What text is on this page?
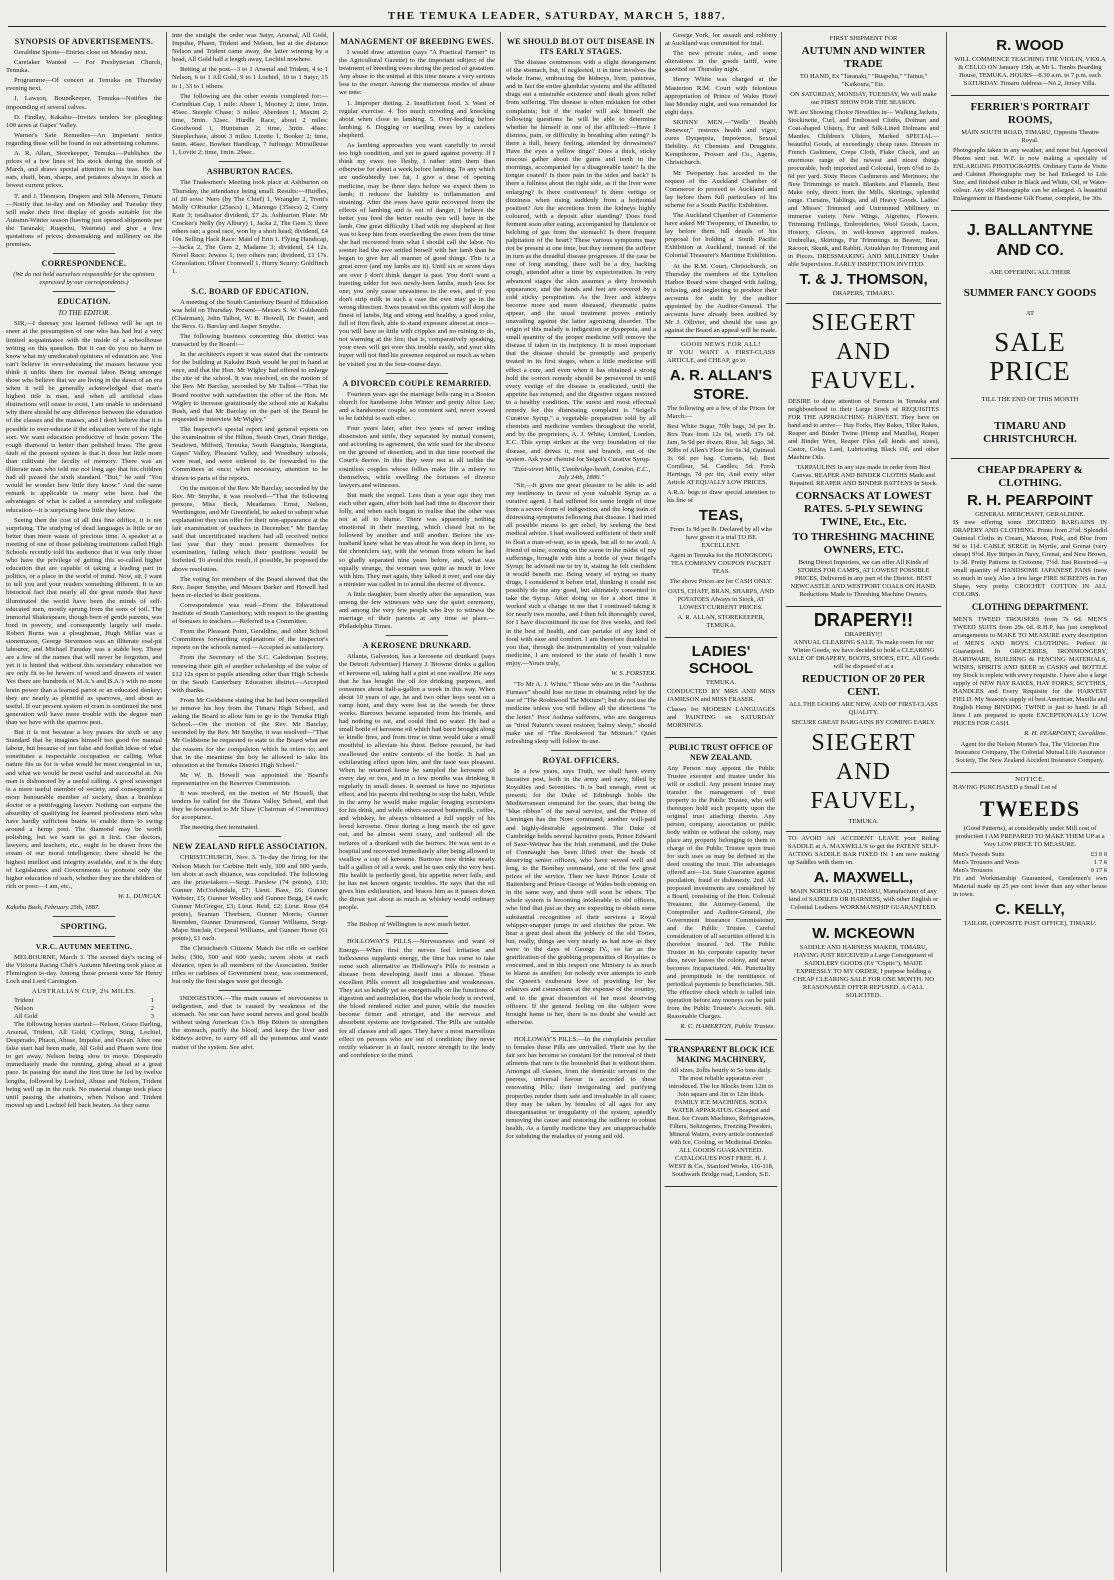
THE TEMUKA LEADER, SATURDAY, MARCH 5, 1887.
SYNOPSIS OF ADVERTISEMENTS.

Geraldine Sports—Entries close on Monday next.

Caretaker Wanted — For Presbyterian Church, Temuka.

Programme—Of concert at Temuka on Thursday evening next.

J. Lawson, Boundkeeper, Temuka—Notifies the impounding of several calves.

D. Findlay, Kakahu—Invites tenders for ploughing 100 acres at Gapes' Valley.

Warner's Safe Remedies—An important notice regarding these will be found in our advertising columns.

A. R. Allan, Storekeeper, Temuka.—Publishes the prices of a few lines of his stock during the month of March, and draws special attention to his teas. He has oats, chaff, bran, sharps, and potatoes always in stock at lowest current prices.

T. and J. Thomson, Drapers and Silk Mercers, Timaru—Notify that to-day and on Monday and Tuesday they will make their first display of goods suitable for the Autumn-Winter season (having just opened shipments per the Taranaki, Ruapehu, Waimea) and give a few quotations of prices; dressmaking and millinery on the premises.

CORRESPONDENCE.
(We do not hold ourselves responsible for the opinions expressed by our correspondents.)
EDUCATION.
TO THE EDITOR.

SIR,—I daresay you learned fellows will be apt to sneer at the presumption of one who has had but a very limited acquaintance with the inside of a schoolhouse writing on this question. But it can do you no harm to know what my uneducated opinions of education are. You can't believe in over-educating the masses because you think it unfits them for manual labor. Being amongst those who believe that we are living in the dawn of an era when it will be generally acknowledged that man's highest title is man, and when all artificial class distinctions will cease to exist, I am unable to understand why there should be any difference between the education of the classes and the masses, and I don't believe that it is possible to over-educate if the education were of the right sort. We want education productive of brain power. The rough diamond is better than polished brass. The great fault of the present system is that it does but little more than cultivate the faculty of memory. There was an illiterate man who told me not long ago that his children had all passed the sixth standard. "But," he said "You would be wonder how little they know." And the same remark is applicable to many who have had the advantages of what is called a secondary and collegiate education—it is surprising how little they know.

Seeing then the cost of all this fine edifice, it is not surprising. The studying of dead languages is little or no better than mere waste of precious time. A speaker at a meeting of one of those polishing institutions called High Schools recently told his audience that it was only those who have the privilege of getting this so-called higher education that are capable of taking a leading part in politics, or a place in the world of mind. Now, sir, I want to tell you and your readers something different. It is an historical fact that nearly all the great minds that have illuminated the world have been the minds of self-educated men, mostly sprung from the sons of toil. The immortal Shakespeare, though born of gentle parents, was bred in poverty, and consequently largely self made. Robert Burns was a ploughman, Hugh Millar was a stonemason, George Stevenson was an illiterate coal-pit labourer, and Michael Faraday was a stable boy. These are a few of the names that will never be forgotten, and yet it is hinted that without this secondary education we are only fit to be hewers of wood and drawers of water. Yes there are hundreds of M.A.'s and B.A.'s with no more brain power than a learned parrot or an educated donkey; they are nearly as plentiful as sparrows, and about as useful. If our present system of cram is continued the next generation will have more trouble with the degree man than we have with the sparrow pest.

But it is not because a boy passes the sixth or any Standard that he imagines himself too good for manual labour, but because of our false and foolish ideas of what constitutes a respectable occupation or calling. What nature fits us for is what would be most congenial to us, and what we would be most useful and successful at. No man is dishonored by a useful calling. A good scavenger is a more useful member of society, and consequently a more honourable member of society, than a brainless doctor or a pettifogging lawyer. Nothing can surpass the absurdity of qualifying for learned professions men who have hardly sufficient brains to enable them to swing around a hemp post. The diamond may be worth polishing, but we want to get it first. Our doctors, lawyers, and teachers, etc., ought to be drawn from the cream of our moral intelligence; there should be the highest intellect and integrity available, and it is the duty of Legislatures and Governments to promote only the higher education of such, whether they are the children of rich or poor.—I am, etc.,

W. L. DUNCAN.
Kakahu Bush, February 25th, 1887.
SPORTING.
V.R.C. AUTUMN MEETING.

MELBOURNE, March 3. The second day's racing of the Victoria Racing Club's Autumn Meeting took place at Flemington to-day. Among those present were Sir Henry Loch and Lord Carrington.

AUSTRALIAN CUP, 2¼ MILES.
Trident	1
Nelson	2
All Gold	3

The following horses started:—Nelson, Grace Darling, Arsenal, Trident, All Gold, Cyclops, Sting, Lochiel, Desperado, Phaon, Abuse, Impulse, and Ocean. After one false start had been made, All Gold and Phaon were first to get away, Nelson being slow to move. Desperado immediately made the running, going ahead at a great pace. In passing the stand the first time he led by twelve lengths, followed by Lochiel, Abuse and Nelson, Trident being well up in the ruck. No material change took place until passing the abattoirs, when Nelson and Trident moved up and Lochiel fell back beaten. As they came

into the straight the order was Satyr, Arsenal, All Gold, Impulse, Phaon, Trident and Nelson, but at the distance Nelson and Trident came away, the latter winning by a head, All Gold half a length away, Lochiel nowhere.

Betting at the post—3 to 1 Arsenal and Trident, 4 to 1 Nelson, 6 to 1 All Gold, 9 to 1 Lochiel, 10 to 1 Satyr, 15 to 1, 33 to 1 others.

The following are the other events completed for:—Corinthian Cup, 1 mile: Abeer 1, Mooney 2; time, 1min. 45sec. Steeple Chase: 3 miles: Aberdeen 1, Maxim 2; time, 5min. 32sec. Hurdle Race, about 2 miles: Goodwood 1, Huntsman 2; time, 3min. 46sec. Steeplechase, about 3 miles: Lizette 1, Booker 2; time, 6min. 46sec. Bowker Handicap, 7 furlongs: Mitrailleuse 1, Lovite 2; time, 1min. 29sec.

ASHBURTON RACES.

The Tradesmen's Meeting took place at Ashburton on Thursday, the attendance being small. Results:—Hurdles, of 20 sovs: Nero (by The Chief) 1, Wrangler 2, Trent's Molly O'Rourke (25secs) 1, Marengo (35secs) 2, Corry Kate 3; totalisator dividend, £7 2s. Ashburton Plate: Mr Crocker's Nelly (by Albury) 1, Jacka 2, The Gem 3; three others ran; a good race, won by a short head; dividend, £4 10s. Selling Hack Race: Maid of Erin 1. Flying Handicap,—Jacka 2, The Gem 2, Madame 3; dividend, £4 12s. Novel Race: Jewess 1; two others ran; dividend, £1 17s. Consolation: Oliver Cromwell 1. Hurry Scurry: Goldfinch 1.

S.C. BOARD OF EDUCATION.

A meeting of the South Canterbury Board of Education was held on Thursday. Present—Messrs S. W. Goldsmith (Chairman), John Talbot, W. B. Howell, Dr Foster, and the Revs. G. Barclay and Jasper Smythe.

The following business concerning this district was transacted by the Board:—

In the architect's report it was stated that the contracts for the building at Kakahu Bush would be put in hand at once, and that the Hon. Mr Wigley had offered to enlarge the site of the school. It was resolved, on the motion of the Rev. Mr Barclay, seconded by Mr Talbot—"That the Board receive with satisfaction the offer of the Hon. Mr Wigley to increase gratuitously the school site at Kakahu Bush, and that Mr Barclay on the part of the Board be requested to interview Mr Wigley."

The Inspector's special report and general reports on the examination of the Hilton, South Orari, Orari Bridge, Seadown, Milford, Temuka, South Rangitata, Rangitata, Gapes' Valley, Pleasant Valley, and Woodbury schools, were read, and were ordered to be forwarded to the Committees at once; when necessary, attention to be drawn to parts of the reports.

On the motion of the Rev. Mr Barclay, seconded by the Rev. Mr Smythe, it was resolved—"That the following persons, Miss Beck, Meadames Ernst, Nelson, Worthington, and Mr Greenfield, be asked to submit what explanation they can offer for their non-appearance at the late examination of teachers in December." Mr Barclay said that uncertificated teachers had all received notice last year that they must present themselves for examination, failing which their positions would be forfeited. To avoid this result, if possible, he proposed the above resolution.

The voting for members of the Board showed that the Rev. Jasper Smythe, and Messrs Barker and Howell had been re-elected to their positions.

Correspondence was read—From the Educational Institute of South Canterbury, with respect to the granting of bonuses to teachers.—Referred to a Committee.

From the Pleasant Point, Geraldine, and other School Committees forwarding explanations of the Inspector's reports on the schools named.—Accepted as satisfactory.

From the Secretary of the S.C. Caledonian Society, renewing their gift of another scholarship of the value of £12 12s open to pupils attending other than High Schools in the South Canterbury Education district.—Accepted with thanks.

From Mr Goldstone stating that he had been compelled to remove his boy from the Timaru High School, and asking the Board to allow him to go to the Temuka High School.—On the motion of the Rev. Mr Barclay, seconded by the Rev. Mr Smythe, it was resolved—"That Mr Goldstone be requested to state to the Board what are the reasons for the compulsion which he refers to; and that in the meantime the boy be allowed to take his education at the Temuka District High School."

Mr W. B. Howell was appointed the Board's representative on the Reserves Commission.

It was resolved, on the motion of Mr Howell, that tenders be called for the Totara Valley School, and that they be forwarded to Mr Shaw (Chairman of Committee) for acceptance.

The meeting then terminated.

NEW ZEALAND RIFLE ASSOCIATION.

CHRISTCHURCH, Nov. 3. To-day the firing for the Nelson Match for Carbine Belt only, 300 and 500 yards, ten shots at each distance, was concluded. The following are the prize-takers:—Sergt. Parslow (74 points), £10; Gunner McCorkindale, £7; Lieut. Bass, £6; Gunner Webster, £5; Gunner Woolley and Gunner Begg, £4 each; Gunner McGregor, £3; Lieut. Reid, £2; Lieut. Ross (64 points), Seaman Thorburn, Gunner Morris, Gunner Bremden, Gunner Drummond, Gunner Williams, Sergt-Major Sinclair, Corporal Williams, and Gunner Howe (61 points), £1 each.

The Christchurch Citizens' Match for rifle or carbine belts; (300, 500 and 600 yards; seven shots at each distance, open to all members of the Association. Snider rifles or carbines of Government issue, was commenced, but only the first stages were got through.

INDIGESTION.—The main causes of nervousness is indigestion, and that is caused by weakness of the stomach. No one can have sound nerves and good health without using American Co.'s Hop Bitters to strengthen the stomach, purify the blood, and keep the liver and kidneys active, to carry off all the poisonous and waste matter of the system. See advt.

MANAGEMENT OF BREEDING EWES.

I would draw attention (says "A Practical Farmer" in the Agricultural Gazette) to the important subject of the treatment of breeding ewes during the period of gestation. Any abuse to the animal at this time means a very serious loss to the owner. Among the numerous modes of abuse we note:

1. Improper dieting. 2. Insufficient food. 3. Want of regular exercise. 4. Too much crowding and knocking about when close to lambing. 5. Over-feeding before lambing. 6. Dogging or startling ewes by a careless shepherd.

As lambing approaches you want carefully to avoid too high condition, and yet to guard against poverty. If I think my ewes too fleshy, I rather stint them than otherwise for about a week before lambing. To any which are undoubtedly too fat, I give a dose of opening medicine, may be three days before we expect them to lamb; it reduces the liability to inflammation and straining. After the ewes have quite recovered from the effects of lambing and is out of danger, I believe the better you feed the better results you will have in the lamb. One great difficulty I had with my shepherd at first was to keep him from overfeeding the ewes from the time she had recovered from what I should call the labor. No sooner had the ewe settled herself with her lamb than he began to give her all manner of good things. This is a great error (and my lambs are it). Until six or seven days are over I don't think danger is past. You don't want a bursting udder for two newly-born lambs, much less for one; you only cause uneasiness to the ewe, and if you don't strip milk in such a case the ewe may go in the wrong direction. Ewes treated on this system will drop the finest of lambs, big and strong and healthy, a good color, full of firm flesh, able to stand exposure almost at once—you will have so little with cripples and no ruining to do, not warming at the fire; that is, comparatively speaking, your ewes will get over this trouble easily, and your skin buyer will not find his presence required so much as when he visited you in the four-course days.

A DIVORCED COUPLE REMARRIED.

Fourteen years ago the marriage bells rang in a Boston church for handsome John Winter and pretty Alice Lee; and a handsomer couple, so comment said, never vowed to be faithful to each other.

Four years later, after two years of never ending dissension and strife, they separated by mutual consent, and according to agreement, the wife sued for the divorce on the ground of desertion, and in due time received the Court's decree. In this they were not at all unlike the countless couples whose follies make life a misery to themselves, while swelling the fortunes of divorce lawyers and witnesses.

But mark the sequel. Less than a year ago they met each other again, after both had had time to discover their folly, and when each began to realise that the other was not at all to blame. There was apparently nothing emotional in their meeting, which closed but to be followed by another and still another. Before the ex-husband knew what he was about he was deep in love, so the chroniclers say, with the woman from whom he had so gladly separated nine years before, and, what was equally strange, the woman was quite as much in love with him. They met again, they talked it over, and one day a minister was called in to annul the decree of divorce.

A little daughter, born shortly after the separation, was among the few witnesses who saw the quiet ceremony, and among the very few people who live to witness the marriage of their parents at any time or place.—Philadelphia Times.

A KEROSENE DRUNKARD.

Atlanta, Galveston, has a kerosene oil drunkard (says the Detroit Advertiser) Harvey J. Browne drinks a gallon of kerosene oil, taking half a pint at one swallow. He says that he has bought the oil for drinking purposes, and consumes about half-a-gallon a week in this way. When about 10 years of age, he and two other boys went on a camp hunt, and they were lost in the woods for three weeks. Burrows became separated from his friends, and had nothing to eat, and could find no water. He had a small bottle of kerosene oil which had been brought along to kindle fires, and from time to time would take a small mouthful to alleviate his thirst. Before rescued, he had swallowed the entire contents of the bottle. It had an exhilarating effect upon him, and the taste was pleasant. When he returned home he sampled the kerosene oil every day or two, and in a few months was drinking it regularly in small doses. It seemed to have no injurious effect, and his parents did nothing to stop the habit. While in the army he would make regular foraging excursions for his drink, and while others secured buttermilk, coffee, and whiskey, he always obtained a full supply of his loved kerosene. Once during a long march the oil gave out, and he almost went crazy, and suffered all the tortures of a drunkard with the horrors. He was sent to a hospital and recovered immediately after being allowed to swallow a cup of kerosene. Burrows now drinks nearly half a gallon of oil a week, and he uses only the very best. His health is perfectly good, his appetite never fails, and he has not known organic troubles. He says that the oil gives him exhilaration, and braces him as it passes down the throat just about as much as whiskey would ordinary people.

The Bishop of Wellington is now much better.

HOLLOWAY'S PILLS.—Nervousness and want of Energy.—When first the nerves feel irritation and listlessness supplants energy, the time has come to take some such alternative as Holloway's Pills to restrain a disease from developing itself into a disease. These excellent Pills correct all irregularities and weaknesses. They act so kindly yet so energetically on the functions of digestion and assimilation, that the whole body is revived, the blood rendered richer and purer, while the muscles become firmer and stronger, and the nervous and absorbent systems are invigorated. The Pills are suitable for all classes and all ages. They have a most marvellous effect on persons who are out of condition; they never rectify whatever is at fault, restore strength to the body and confidence to the mind.

WE SHOULD BLOT OUT DISEASE IN ITS EARLY STAGES.

The disease commences with a slight derangement of the stomach, but, if neglected, it in time involves the whole frame, embracing the kidneys, liver, pancreas, and in fact the entire glandular system; and the afflicted drags out a miserable existence until death gives relief from suffering. The disease is often mistaken for other complaints; but if the reader will ask himself the following questions he will be able to determine whether he himself is one of the afflicted:—Have I distress, pain, or difficulty in breathing after eating? Is there a dull, heavy feeling, attended by drowsiness? Have the eyes a yellow tinge? Does a thick, sticky mucous gather about the gums and teeth in the mornings, accompanied by a disagreeable taste? Is the tongue coated? Is there pain in the sides and back? Is there a fullness about the right side, as if the liver were enlarging? Is there costiveness? Is there vertigo or dizziness when rising suddenly from a horizontal position? Are the secretions from the kidneys highly coloured, with a deposit after standing? Does food ferment soon after eating, accompanied by flatulence or belching of gas from the stomach? Is there frequent palpitation of the heart? These various symptoms may not be present at one time, but they torment the sufferer in turn as the dreadful disease progresses. If the case be one of long standing, there will be a dry, hacking cough, attended after a time by expectoration. In very advanced stages the skin assumes a dirty brownish appearance, and the hands and feet are covered by a cold sticky perspiration. As the liver and kidneys become more and more diseased, rheumatic pains appear, and the usual treatment proves entirely unavailing against the latter agonising disorder. The origin of this malady is indigestion or dyspepsia, and a small quantity of the proper medicine will remove the disease if taken in its incipiency. It is most important that the disease should be promptly and properly treated in its first stages, when a little medicine will effect a cure, and even when it has obtained a strong hold the correct remedy should be persevered in until every vestige of the disease is eradicated, until the appetite has returned, and the digestive organs restored to a healthy condition. The surest and most effectual remedy for this distressing complaint is "Seigel's Curative Syrup," a vegetable preparation sold by all chemists and medicine vendors throughout the world, and by the proprietors, A. J. White, Limited, London, E.C. This syrup strikes at the very foundation of the disease, and drives it, root and branch, out of the system. Ask your chemist for Seigel's Curative Syrup.

"East-street Mills, Cambridge-heath, London, E.C., July 24th, 1886."

"Sir,—It gives me great pleasure to be able to add my testimony in favor of your valuable Syrup as a curative agent. I had suffered for some length of time from a severe form of indigestion, and the long train of distressing symptoms following that disease. I had tried all possible means to get relief, by seeking the best medical advice. I had swallowed sufficient of their stuff to float a man-of-war, so to speak, but all to no avail. A friend of mine, coming on the scene in the midst of my sufferings, brought with him a bottle of your Seigel's Syrup; he advised me to try it, stating he felt confident it would benefit me. Being weary of trying so many drugs, I considered it before trial, thinking it could not possibly do me any good, but ultimately consented to take the Syrup. After doing so for a short time it worked such a change in me that I continued taking it for nearly two months, and I then felt thoroughly cured, for I have discontinued its use for five weeks, and feel in the best of health, and can partake of any kind of food with ease and comfort. I am therefore thankful to you that, through the instrumentality of your valuable medicine, I am restored to the state of health I now enjoy.—Yours truly,

W. S. FORSTER.

"To Mr A. J. White." Those who are in the "Asthma Furnace" should lose no time in obtaining relief by the use of "The Rookwood Tar Mixture"; but do not use the medicine unless you will follow all the directions "to the letter." Poor Asthma sufferers, who are dangerous as "tired Nature's sweet restorer, balmy sleep," should make use of "The Rookwood Tar Mixture." Quiet refreshing sleep will follow its use.

ROYAL OFFICERS.

In a few years, says Truth, we shall have every lucrative post, both in the army and navy, filled by Royalties and Serenities. It is bad enough, even at present; for the Duke of Edinburgh holds the Mediterranean command for the years, that being the "blue ribbon" of the naval service, and the Prince of Lieningen has the Nore command, another well-paid and highly-desirable appointment. The Duke of Cambridge holds several lucrative posts, Prince Edward of Saxe-Weimar has the Irish command, and the Duke of Connaught has been lifted over the heads of deserving senior officers, who have served well and long, to the Bombay command, one of the few great prizes of the service. Then we have Prince Louis of Battenberg and Prince George of Wales both coming on in the same way, and there will soon be others. The whole system is becoming intolerable to old officers, who find that just as they are expecting to obtain some substantial recognition of their services a Royal whipper-snapper jumps in and clutches the prize. We hear a great deal about the jobbery of the old Tories, but, really, things are very nearly as bad now as they were in the days of George IV., so far as the gratification of the grabbing propensities of Royalties is concerned, and in this respect one Ministry is as much to blame as another; for nobody ever attempts to curb the Queen's exuberant love of providing for her relatives and connexions at the expense of the country, and to the great discomfort of her most deserving officers. If the general feeling on the subject were brought home to her, there is no doubt she would act otherwise.

HOLLOWAY'S PILLS.—In the complaints peculiar to females these Pills are unrivalled. Their use by the fair sex has become so constant for the removal of their ailments that rare is the household that is without them. Amongst all classes, from the domestic servant to the peeress, universal favour is accorded to these renovating Pills; their invigorating and purifying properties render them safe and invaluable in all cases; they may be taken by females of all ages for any disorganisation or irregularity of the system, speedily removing the cause and restoring the sufferer to robust health. As a family medicine they are unapproachable for subduing the maladies of young and old.

George York, for assault and robbery at Auckland was committed for trial.

The new private rules, and some alterations in the goods tariff, were gazetted on Thursday night.

Henry White was charged at the Masterton R.M. Court with felonious appropriation of Prince of Wales Hotel last Monday night, and was remanded for eight days.

SKINNY MEN.—"Wells' Health Renewer," restores health and vigor, cures Dyspepsia, Impotence, Sexual Debility. At Chemists and Druggists. Kempthorne, Prosser and Co., Agents, Christchurch.

Mr Twopenny has acceded to the request of the Auckland Chamber of Commerce to proceed to Auckland and lay before them full particulars of his scheme for a South Pacific Exhibition.

The Auckland Chamber of Commerce have asked Mr Twopenny, of Dunedin, to lay before them full details of his proposal for holding a South Pacific Exhibition at Auckland, instead of the Colonial Treasurer's Maritime Exhibition.

At the R.M. Court, Christchurch, on Thursday the members of the Lyttelton Harbor Board were charged with failing, refusing, and neglecting to produce their accounts for audit by the auditor appointed by the Auditor-General. The accounts have already been audited by Mr J. Ollivier, and should the case go against the Board an appeal will be made.

GOOD NEWS FOR ALL!

IF YOU WANT A FIRST-CLASS ARTICLE, and CHEAP, go to

A. R. ALLAN'S
STORE.

The following are a few of the Prices for March:—

Best White Sugar, 70lb bags, 3d per lb. Box Teas from 12s 6d, worth 17s 6d. Jam, 5s 9d per dozen; Rice, 3d; Sago, 3d. 50lbs of Allen's Flour for 6s 3d, Oatmeal 3s 6d per bag. Currants, 6d; Best Cornflour, 5d. Candles, 5d; Fresh Herrings, 7d per tin, And every other Article AT EQUALLY LOW PRICES.

A.R.A. begs to draw special attention to his line of

TEAS,

From 1s 9d per lb. Declared by all who have given it a trial TO BE EXCELLENT.

Agent in Temuka for the HONGKONG TEA COMPANY COUPON PACKET TEAS.

The above Prices are for CASH ONLY.

OATS, CHAFF, BRAN, SHARPS, AND POTATOES Always in Stock, AT LOWEST CURRENT PRICES.

A. R. ALLAN, STOREKEEPER, TEMUKA.

LADIES' SCHOOL
TEMUKA.

CONDUCTED BY MRS AND MISS JAMIESON and MISS FRASER.

Classes for MODERN LANGUAGES and PAINTING on SATURDAY MORNINGS.

PUBLIC TRUST OFFICE OF NEW ZEALAND.

Any Person may appoint the Public Trustee executor and trustee under his will or codicil. Any present trustee may transfer the management of trust property to the Public Trustee, who will thereupon hold such property upon the original trust attaching thereto. Any person, company, association or public body within or without the colony, may place any property belonging to them in charge of the Public Trustee upon trust for such uses as may be defined in the deed creating the trust. The advantages offered are—1st. State Guarantee against peculation, fraud or dishonesty. 2nd. All proposed investments are considered by a Board, consisting of the Hon. Colonial Treasurer, the Attorney-General, the Comptroller and Auditor-General, the Government Insurance Commissioner, and the Public Trustee. Careful consideration of all securities offered it is therefore insured. 3rd. The Public Trustee in his corporate capacity never dies, never leaves the colony, and never becomes incapacitated. 4th. Punctuality and promptitude in the remittance of periodical payments to beneficiaries. 5th. The effective check which is called into operation before any moneys can be paid from the Public Trustee's Account. 6th. Reasonable Charges.

R. C. HAMERTON, Public Trustee.
TRANSPARENT BLOCK ICE MAKING MACHINERY,

All sizes, 2olbs hourly to 5o tons daily. The most reliable apparatus ever introduced. The Ice Blocks from 12in to 3oin square and 3in to 12in thick. FAMILY ICE MACHINES. SODA WATER APPARATUS. Cheapest and Best. Ice Cream Machines, Refrigerators, Filters, Seltzogenes, Freezing Powders, Mineral Waters, every article connected with Ice, Cooling, or Medicinal Drinks. ALL GOODS GUARANTEED. CATALOGUES POST FREE. H. J. WEST & Co., Stanford Works, 116-118, Southwark Bridge road, London, S.E.

FIRST SHIPMENT FOR
AUTUMN AND WINTER TRADE

TO HAND, Ex "Taranaki," "Ruapehu," "Tainui," "Kaikoura," Etc.

ON SATURDAY, MONDAY, TUESDAY, We will make our FIRST SHOW FOR THE SEASON.

WE are Showing Choice Novelties in— Walking Jackets, Stockinette, Curl, and Embossed Cloths, Dolman and Coat-shaped Ulsters, Fur and Silk-Lined Dolmans and Mantles. Children's Ulsters, Marked SPECIAL—beautiful Goods, at exceedingly cheap rates. Dresses in French Cashmere, Crepe Cloth, Flake Check, and an enormous range of the newest and nicest things procurable, both imported and Colonial, from 6½d to 2s 6d per yard. Sixty Pieces Cashmeres and Merinoes; the New Trimmings to match. Blankets and Flannels, Best Make only, direct from the Mills. Skirtings, splendid range. Curtains, Tablings, and all Heavy Goods. Ladies' and Misses' Trimmed and Untrimmed Millinery in immense variety. New Wings, Aigrettes, Flowers. Trimming Frillings, Embroideries, Wool Goods, Laces, Hosiery, Gloves, in well-known approved makes. Umbrellas, Skirtings, Fur Trimmings in Beaver, Bear, Racoon, Skunk, and Rabbit. Astrakhan for Trimming and in Pieces. DRESSMAKING AND MILLINERY Under able Supervision. EARLY INSPECTION INVITED.

T. & J. THOMSON,
DRAPERS, TIMARU.
SIEGERT AND FAUVEL.

DESIRE to draw attention of Farmers in Temuka and neighbourhood to their Large Stock of REQUISITES FOR THE APPROACHING HARVEST. They have on hand and to arrive— Hay Forks, Hay Rakes, Tiller Rakes, Reaper and Binder Twine (Hemp and Manilla), Reaper and Binder Wire, Reaper Files (all kinds and sizes), Castor, Colza, Lard, Lubricating Black Oil, and other Machine Oils.

TARPAULINS In any size made to order from Best Canvas. REAPER AND BINDER CLOTHS Made and Repaired. REAPER AND BINDER BATTENS In Stock.

CORNSACKS AT LOWEST RATES. 5-PLY SEWING TWINE, Etc., Etc.
TO THRESHING MACHINE OWNERS, ETC.

Being Direct Importers, we can offer All Kinds of STORES FOR CAMPS, AT LOWEST POSSIBLE PRICES, Delivered in any part of the District. BEST NEWCASTLE AND WESTPORT COALS ON HAND. Reductions Made to Threshing Machine Owners.

DRAPERY!!
DRAPERY!!!

ANNUAL CLEARING SALE. To make room for our Winter Goods, we have decided to hold a CLEARING SALE OF DRAPERY, BOOTS, SHOES, ETC. All Goods will be disposed of at a

REDUCTION OF 20 PER CENT.

ALL THE GOODS ARE NEW, AND OF FIRST-CLASS QUALITY.

SECURE GREAT BARGAINS BY COMING EARLY.

SIEGERT AND FAUVEL,
TEMUKA.

TO AVOID AN ACCIDENT LEAVE your Riding SADDLE at A. MAXWELL'S to get the PATENT SELF-ACTING SADDLE BAR FIXED IN. I am now making up Saddles with them on.

A. MAXWELL,

MAIN NORTH ROAD, TIMARU, Manufacturer of any kind of SADDLES OR HARNESS, with other English or Colonial Leathers. WORKMANSHIP GUARANTEED.

W. MCKEOWN

SADDLE AND HARNESS MAKER, TIMARU, HAVING JUST RECEIVED a Large Consignment of SADDLERY GOODS (Ex "Coptic"), MADE EXPRESSLY TO MY ORDER, I purpose holding a CHEAP CLEARING SALE FOR ONE MONTH. NO REASONABLE OFFER REFUSED. A CALL SOLICITED.

R. WOOD

WILL COMMENCE TEACHING THE VIOLIN, VIOLA & CELLO ON January 15th, at Mr L. Tombs Boarding House, TEMUKA. HOURS—8.30 a.m. to 7 p.m. each SATURDAY. Timaru Address—No 2, Jersey Villa.

FERRIER'S PORTRAIT ROOMS,

MAIN SOUTH ROAD, TIMARU, Opposite Theatre Royal.

Photographs taken in any weather, and none but Approved Photos sent out. W.F. is now making a specialty of ENLARGING PHOTOGRAPHS. Ordinary Carte de Visite and Cabinet Photographs may be had Enlarged to Life Size, and finished either in Black and White, Oil, or Water-colour. Any old Photographs can be enlarged. A beautiful Enlargement in Handsome Gilt Frame, complete, for 30s.

J. BALLANTYNE AND CO.

ARE OFFERING ALL THEIR

SUMMER FANCY GOODS
AT
SALE PRICE
TILL THE END OF THIS MONTH
TIMARU AND CHRISTCHURCH.
CHEAP DRAPERY & CLOTHING.
R. H. PEARPOINT
GENERAL MERCHANT, GERALDINE.

IS now offering some DECIDED BARGAINS IN DRAPERY AND CLOTHING. Prints from 2½d. Splendid Oatmeal Cloths in Cream, Maroon, Pink, and Blue from 9d to 11d. CABLE SERGE in Myrtle, and Grenat (very cheap) 9½d. Rye Stripes in Navy, Grenat, and New Brown, 1s 3d. Pretty Patterns in Cretonne, 7½d. Just Received—a small quantity of HANDSOME JAPANESE FANS (now so much in use); Also a few large FIRE SCREENS in Fan Shape, very pretty. CROCHET COTTON IN ALL COLORS.

CLOTHING DEPARTMENT.

MEN'S TWEED TROUSERS from 7s 6d. MEN'S TWEED SUITS from 29s 6d. R.H.P. has just completed arrangements to MAKE TO MEASURE every description of MEN'S AND BOYS CLOTHING. Perfect fit Guaranteed. In GROCERIES, IRONMONGERY, HARDWARE, BUILDING & FENCING MATERIALS, WINES, SPIRITS AND BEER in CASKS and BOTTLE my Stock is replete with every requisite. I have also a large supply of NEW HAY RAKES, HAY FORKS, SCYTHES, HANDLES and Every Requisite for the HARVEST FIELD. My Season's supply of best American, Manilla and English Hemp BINDING TWINE is just to hand. In all lines I am prepared to quote EXCEPTIONALLY LOW PRICES FOR CASH.

R. H. PEARPOINT, Geraldine.

Agent for the Nelson Monte's Tea, The Victorian Fire Insurance Company, The Colonial Mutual Life Assurance Society, The New Zealand Accident Insurance Company.

NOTICE.

HAVING PURCHASED a Small Lot of

TWEEDS

(Good Patterns), at considerably under Mill cost of production I AM PREPARED TO MAKE THEM UP at a Very LOW PRICE TO MEASURE.

Men's Tweeds Suits	£3 0 0
Men's Trousers and Vests	1 7 6
Men's Trousers	0 17 6

Fit and Workmanship Guaranteed, Gentlemen's own Material made up 25 per cent lower than any other house in town.

C. KELLY,
TAILOR, (OPPOSITE POST OFFICE), TIMARU.
